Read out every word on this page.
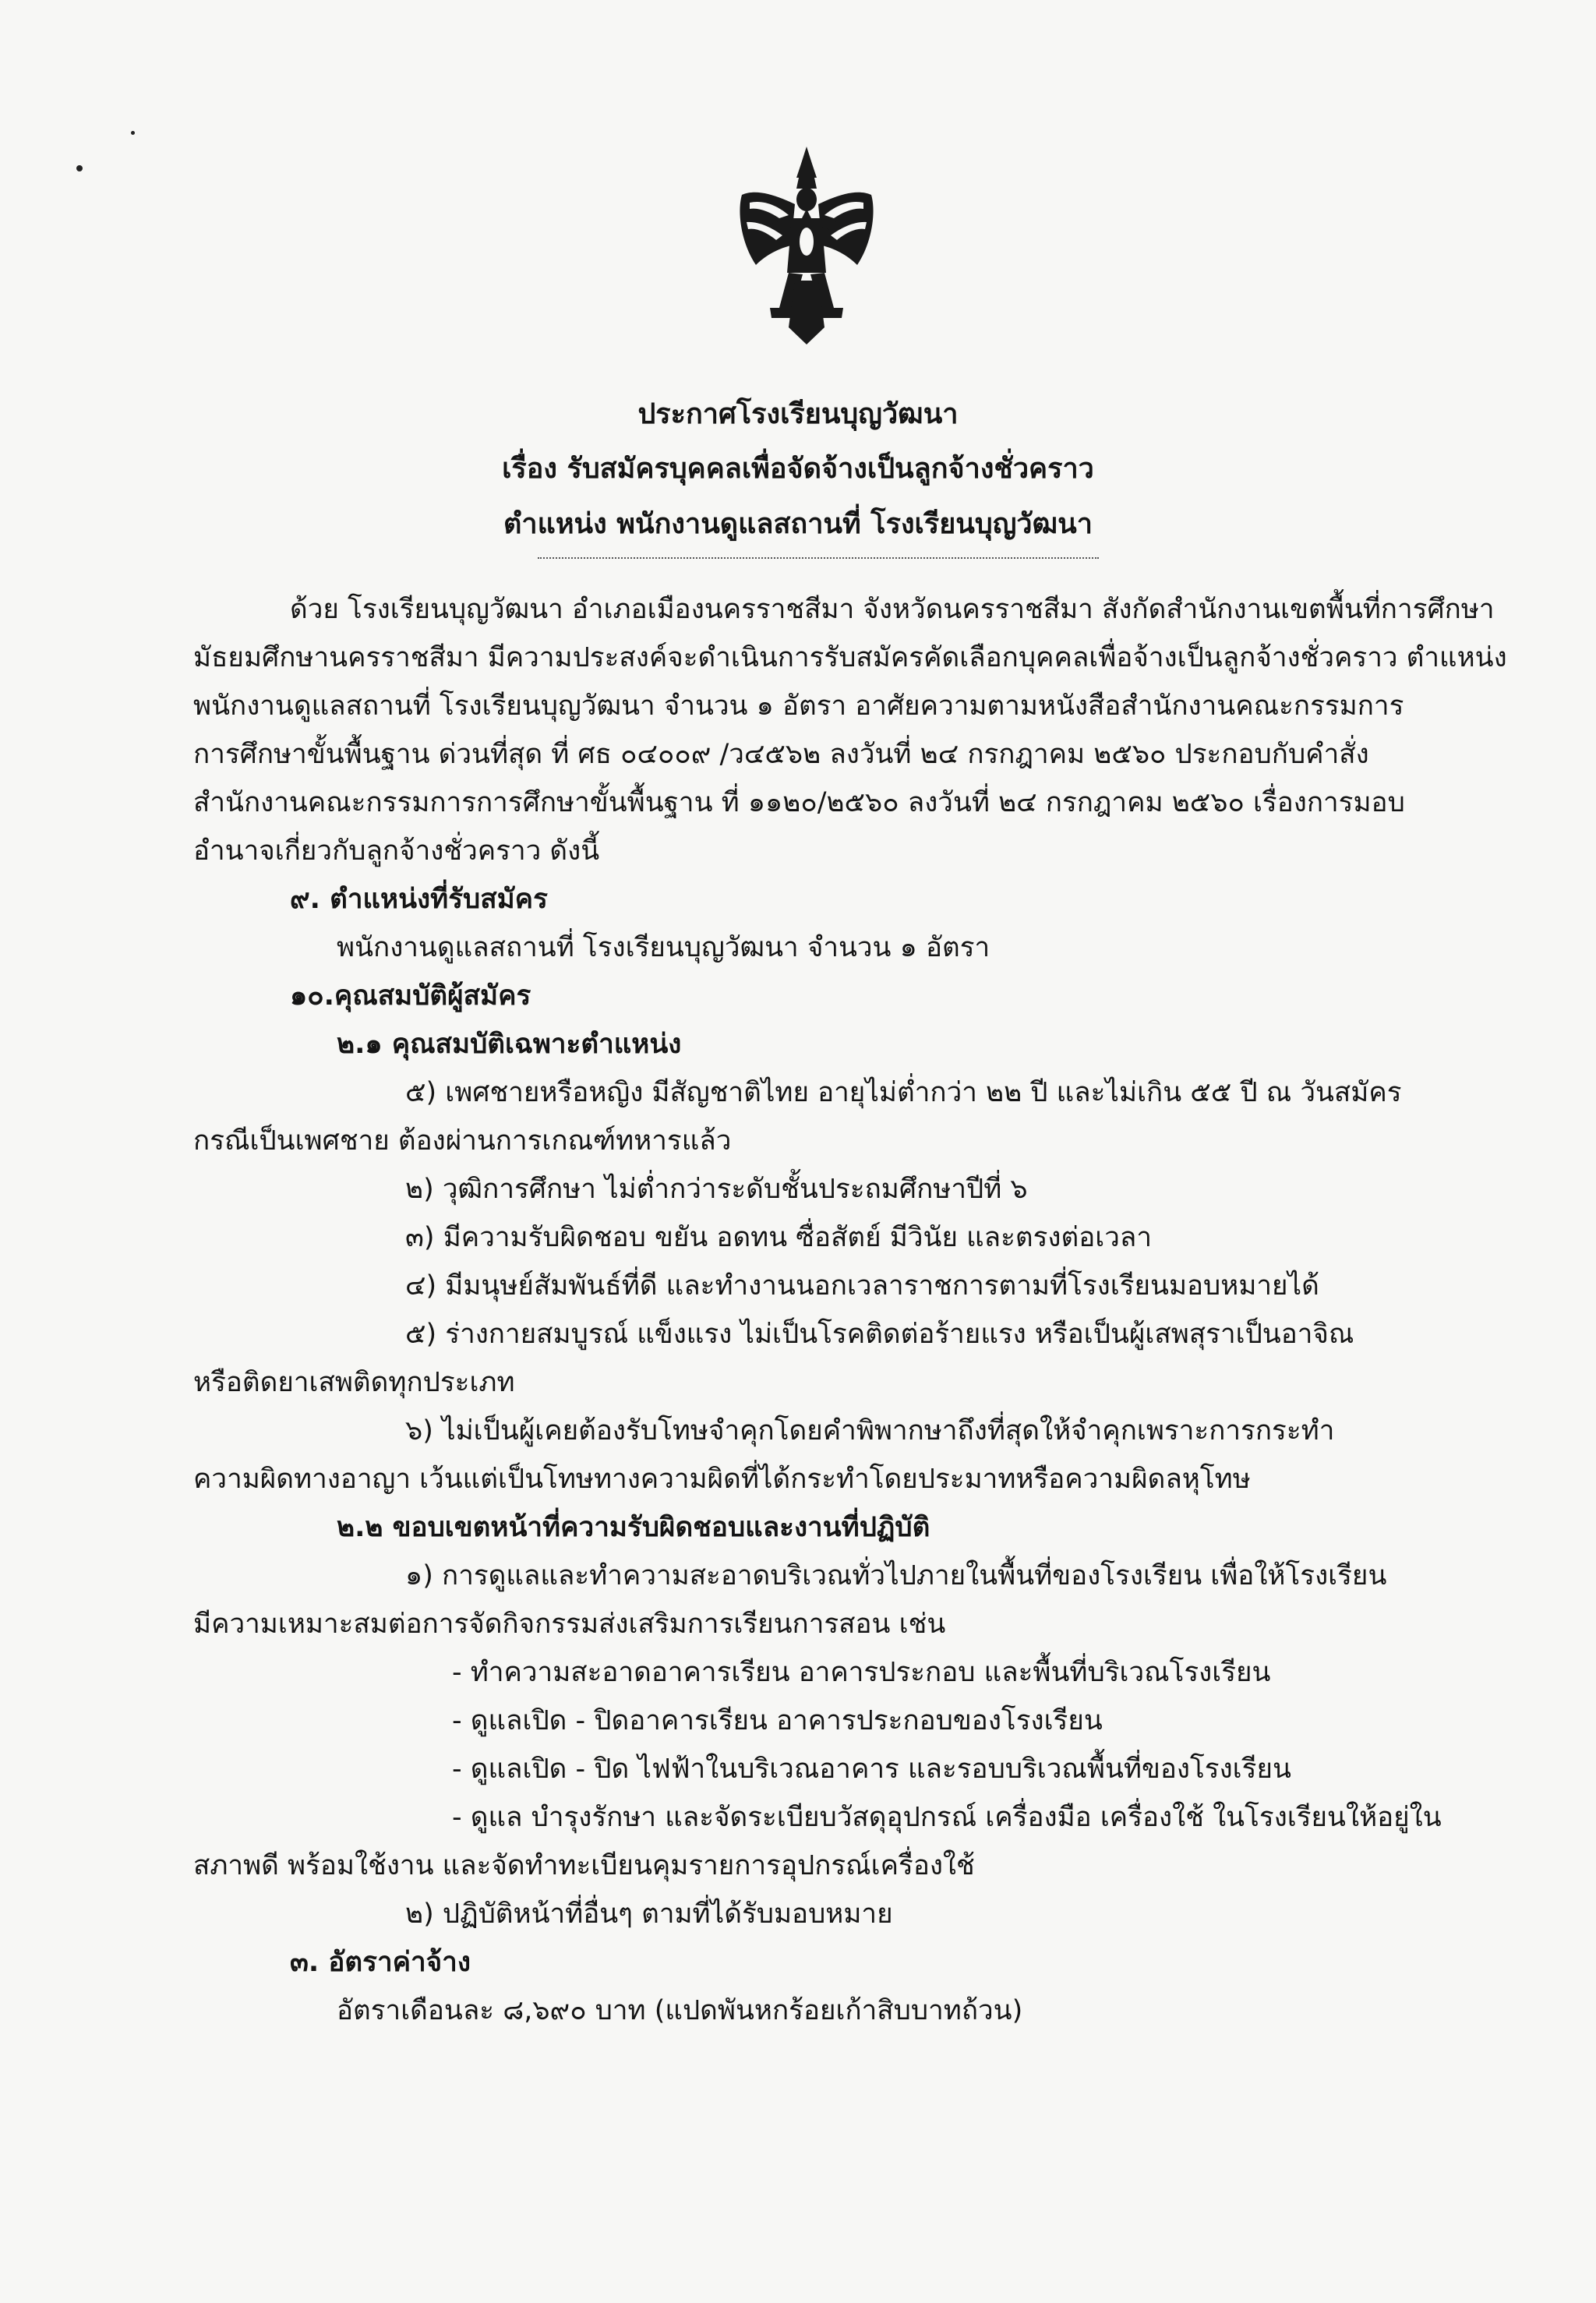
ประกาศโรงเรียนบุญวัฒนา
เรื่อง รับสมัครบุคคลเพื่อจัดจ้างเป็นลูกจ้างชั่วคราว
ตำแหน่ง พนักงานดูแลสถานที่ โรงเรียนบุญวัฒนา
ด้วย โรงเรียนบุญวัฒนา อำเภอเมืองนครราชสีมา จังหวัดนครราชสีมา สังกัดสำนักงานเขตพื้นที่การศึกษา
มัธยมศึกษานครราชสีมา มีความประสงค์จะดำเนินการรับสมัครคัดเลือกบุคคลเพื่อจ้างเป็นลูกจ้างชั่วคราว ตำแหน่ง
พนักงานดูแลสถานที่ โรงเรียนบุญวัฒนา จำนวน ๑ อัตรา อาศัยความตามหนังสือสำนักงานคณะกรรมการ
การศึกษาขั้นพื้นฐาน ด่วนที่สุด ที่ ศธ ๐๔๐๐๙ /ว๔๕๖๒ ลงวันที่ ๒๔ กรกฎาคม ๒๕๖๐ ประกอบกับคำสั่ง
สำนักงานคณะกรรมการการศึกษาขั้นพื้นฐาน ที่ ๑๑๒๐/๒๕๖๐ ลงวันที่ ๒๔ กรกฎาคม ๒๕๖๐ เรื่องการมอบ
อำนาจเกี่ยวกับลูกจ้างชั่วคราว ดังนี้
๙. ตำแหน่งที่รับสมัคร
พนักงานดูแลสถานที่ โรงเรียนบุญวัฒนา จำนวน ๑ อัตรา
๑๐.คุณสมบัติผู้สมัคร
๒.๑ คุณสมบัติเฉพาะตำแหน่ง
๕) เพศชายหรือหญิง มีสัญชาติไทย อายุไม่ต่ำกว่า ๒๒ ปี และไม่เกิน ๕๕ ปี ณ วันสมัคร
กรณีเป็นเพศชาย ต้องผ่านการเกณฑ์ทหารแล้ว
๒) วุฒิการศึกษา ไม่ต่ำกว่าระดับชั้นประถมศึกษาปีที่ ๖
๓) มีความรับผิดชอบ ขยัน อดทน ซื่อสัตย์ มีวินัย และตรงต่อเวลา
๔) มีมนุษย์สัมพันธ์ที่ดี และทำงานนอกเวลาราชการตามที่โรงเรียนมอบหมายได้
๕) ร่างกายสมบูรณ์ แข็งแรง ไม่เป็นโรคติดต่อร้ายแรง หรือเป็นผู้เสพสุราเป็นอาจิณ
หรือติดยาเสพติดทุกประเภท
๖) ไม่เป็นผู้เคยต้องรับโทษจำคุกโดยคำพิพากษาถึงที่สุดให้จำคุกเพราะการกระทำ
ความผิดทางอาญา เว้นแต่เป็นโทษทางความผิดที่ได้กระทำโดยประมาทหรือความผิดลหุโทษ
๒.๒ ขอบเขตหน้าที่ความรับผิดชอบและงานที่ปฏิบัติ
๑) การดูแลและทำความสะอาดบริเวณทั่วไปภายในพื้นที่ของโรงเรียน เพื่อให้โรงเรียน
มีความเหมาะสมต่อการจัดกิจกรรมส่งเสริมการเรียนการสอน เช่น
- ทำความสะอาดอาคารเรียน อาคารประกอบ และพื้นที่บริเวณโรงเรียน
- ดูแลเปิด - ปิดอาคารเรียน อาคารประกอบของโรงเรียน
- ดูแลเปิด - ปิด ไฟฟ้าในบริเวณอาคาร และรอบบริเวณพื้นที่ของโรงเรียน
- ดูแล บำรุงรักษา และจัดระเบียบวัสดุอุปกรณ์ เครื่องมือ เครื่องใช้ ในโรงเรียนให้อยู่ใน
สภาพดี พร้อมใช้งาน และจัดทำทะเบียนคุมรายการอุปกรณ์เครื่องใช้
๒) ปฏิบัติหน้าที่อื่นๆ ตามที่ได้รับมอบหมาย
๓. อัตราค่าจ้าง
อัตราเดือนละ ๘,๖๙๐ บาท (แปดพันหกร้อยเก้าสิบบาทถ้วน)
